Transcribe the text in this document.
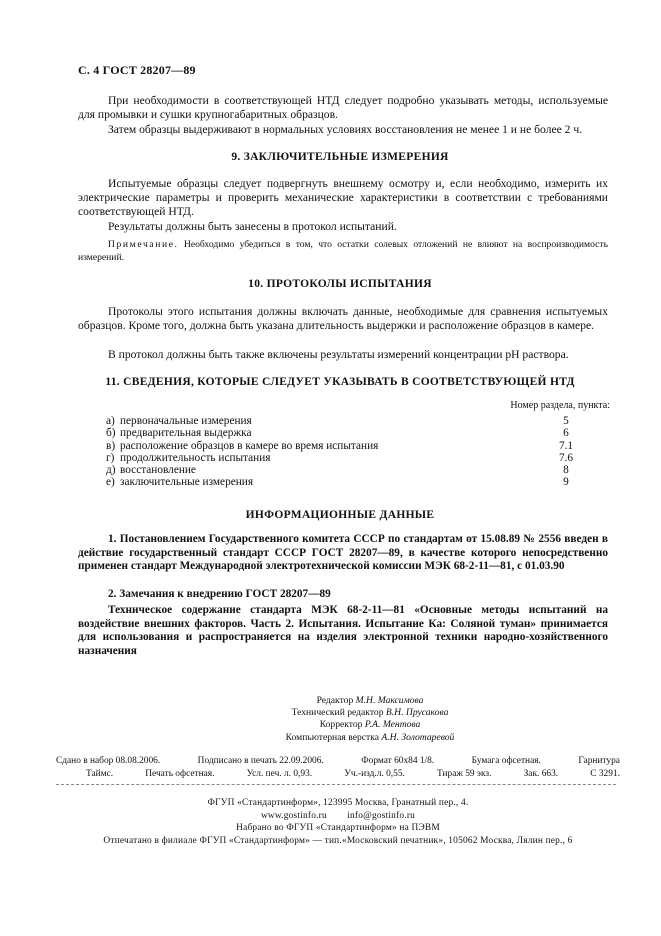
С. 4 ГОСТ 28207—89
При необходимости в соответствующей НТД следует подробно указывать методы, используемые для промывки и сушки крупногабаритных образцов.
Затем образцы выдерживают в нормальных условиях восстановления не менее 1 и не более 2 ч.
9. ЗАКЛЮЧИТЕЛЬНЫЕ ИЗМЕРЕНИЯ
Испытуемые образцы следует подвергнуть внешнему осмотру и, если необходимо, измерить их электрические параметры и проверить механические характеристики в соответствии с требованиями соответствующей НТД.
Результаты должны быть занесены в протокол испытаний.
Примечание. Необходимо убедиться в том, что остатки солевых отложений не влияют на воспроизводимость измерений.
10. ПРОТОКОЛЫ ИСПЫТАНИЯ
Протоколы этого испытания должны включать данные, необходимые для сравнения испытуемых образцов. Кроме того, должна быть указана длительность выдержки и расположение образцов в камере.
В протокол должны быть также включены результаты измерений концентрации pH раствора.
11. СВЕДЕНИЯ, КОТОРЫЕ СЛЕДУЕТ УКАЗЫВАТЬ В СООТВЕТСТВУЮЩЕЙ НТД
Номер раздела, пункта:
а) первоначальные измерения	5
б) предварительная выдержка	6
в) расположение образцов в камере во время испытания	7.1
г) продолжительность испытания	7.6
д) восстановление	8
е) заключительные измерения	9
ИНФОРМАЦИОННЫЕ ДАННЫЕ
1. Постановлением Государственного комитета СССР по стандартам от 15.08.89 № 2556 введен в действие государственный стандарт СССР ГОСТ 28207—89, в качестве которого непосредственно применен стандарт Международной электротехнической комиссии МЭК 68-2-11—81, с 01.03.90
2. Замечания к внедрению ГОСТ 28207—89
Техническое содержание стандарта МЭК 68-2-11—81 «Основные методы испытаний на воздействие внешних факторов. Часть 2. Испытания. Испытание Ка: Соляной туман» принимается для использования и распространяется на изделия электронной техники народно-хозяйственного назначения
Редактор М.Н. Максимова
Технический редактор В.Н. Прусакова
Корректор Р.А. Ментова
Компьютерная верстка А.Н. Золотаревой
Сдано в набор 08.08.2006.	Подписано в печать 22.09.2006.	Формат 60x84 1/8.	Бумага офсетная.	Гарнитура
Таймс.	Печать офсетная.	Усл. печ. л. 0,93.	Уч.-изд.л. 0,55.	Тираж 59 экз.	Зак. 663.	С 3291.
ФГУП «Стандартинформ», 123995 Москва, Гранатный пер., 4.
www.gostinfo.ru        info@gostinfo.ru
Набрано во ФГУП «Стандартинформ» на ПЭВМ
Отпечатано в филиале ФГУП «Стандартинформ» — тип.«Московский печатник», 105062 Москва, Лялин пер., 6
